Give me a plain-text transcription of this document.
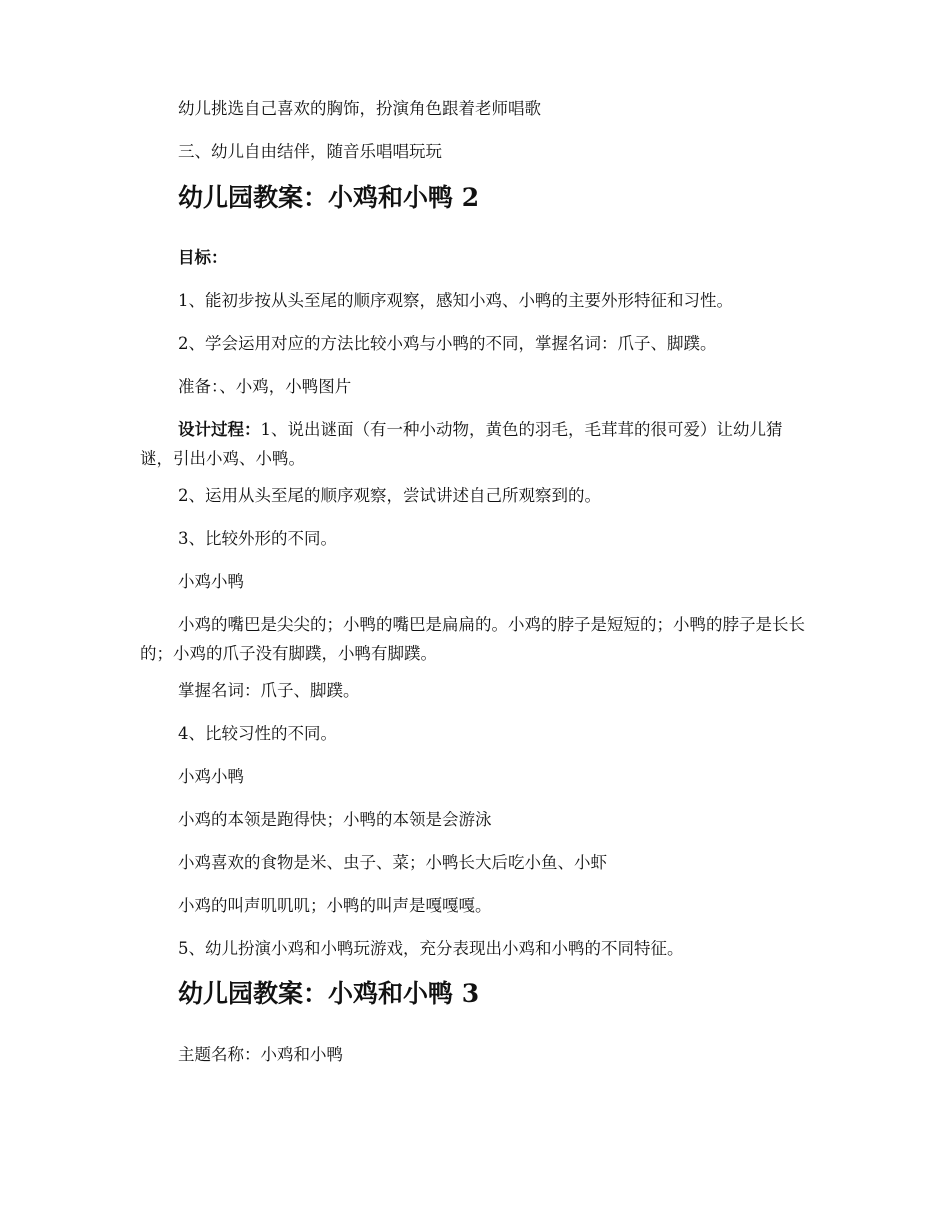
幼儿挑选自己喜欢的胸饰，扮演角色跟着老师唱歌

三、幼儿自由结伴，随音乐唱唱玩玩

幼儿园教案：小鸡和小鸭 2

目标：

1、能初步按从头至尾的顺序观察，感知小鸡、小鸭的主要外形特征和习性。

2、学会运用对应的方法比较小鸡与小鸭的不同，掌握名词：爪子、脚蹼。

准备：、小鸡，小鸭图片

设计过程：1、说出谜面（有一种小动物，黄色的羽毛，毛茸茸的很可爱）让幼儿猜谜，引出小鸡、小鸭。

2、运用从头至尾的顺序观察，尝试讲述自己所观察到的。

3、比较外形的不同。

小鸡小鸭

小鸡的嘴巴是尖尖的；小鸭的嘴巴是扁扁的。小鸡的脖子是短短的；小鸭的脖子是长长的；小鸡的爪子没有脚蹼，小鸭有脚蹼。

掌握名词：爪子、脚蹼。

4、比较习性的不同。

小鸡小鸭

小鸡的本领是跑得快；小鸭的本领是会游泳

小鸡喜欢的食物是米、虫子、菜；小鸭长大后吃小鱼、小虾

小鸡的叫声叽叽叽；小鸭的叫声是嘎嘎嘎。

5、幼儿扮演小鸡和小鸭玩游戏，充分表现出小鸡和小鸭的不同特征。

幼儿园教案：小鸡和小鸭 3

主题名称：小鸡和小鸭
